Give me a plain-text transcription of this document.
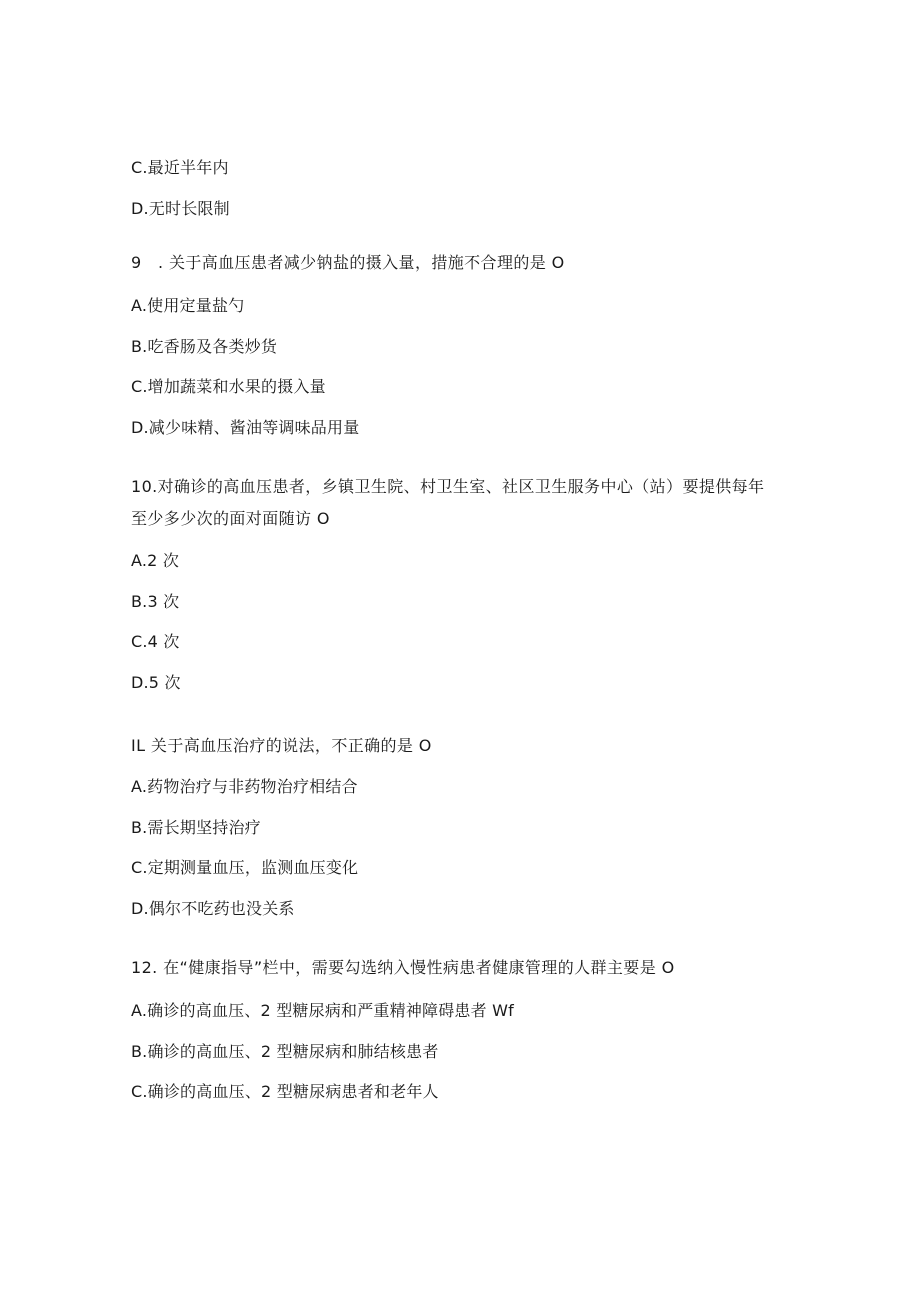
C.最近半年内
D.无时长限制
9　. 关于高血压患者减少钠盐的摄入量，措施不合理的是 O
A.使用定量盐勺
B.吃香肠及各类炒货
C.增加蔬菜和水果的摄入量
D.减少味精、酱油等调味品用量
10.对确诊的高血压患者，乡镇卫生院、村卫生室、社区卫生服务中心（站）要提供每年
至少多少次的面对面随访 O
A.2 次
B.3 次
C.4 次
D.5 次
IL 关于高血压治疗的说法，不正确的是 O
A.药物治疗与非药物治疗相结合
B.需长期坚持治疗
C.定期测量血压，监测血压变化
D.偶尔不吃药也没关系
12. 在“健康指导”栏中，需要勾选纳入慢性病患者健康管理的人群主要是 O
A.确诊的高血压、2 型糖尿病和严重精神障碍患者 Wf
B.确诊的高血压、2 型糖尿病和肺结核患者
C.确诊的高血压、2 型糖尿病患者和老年人
